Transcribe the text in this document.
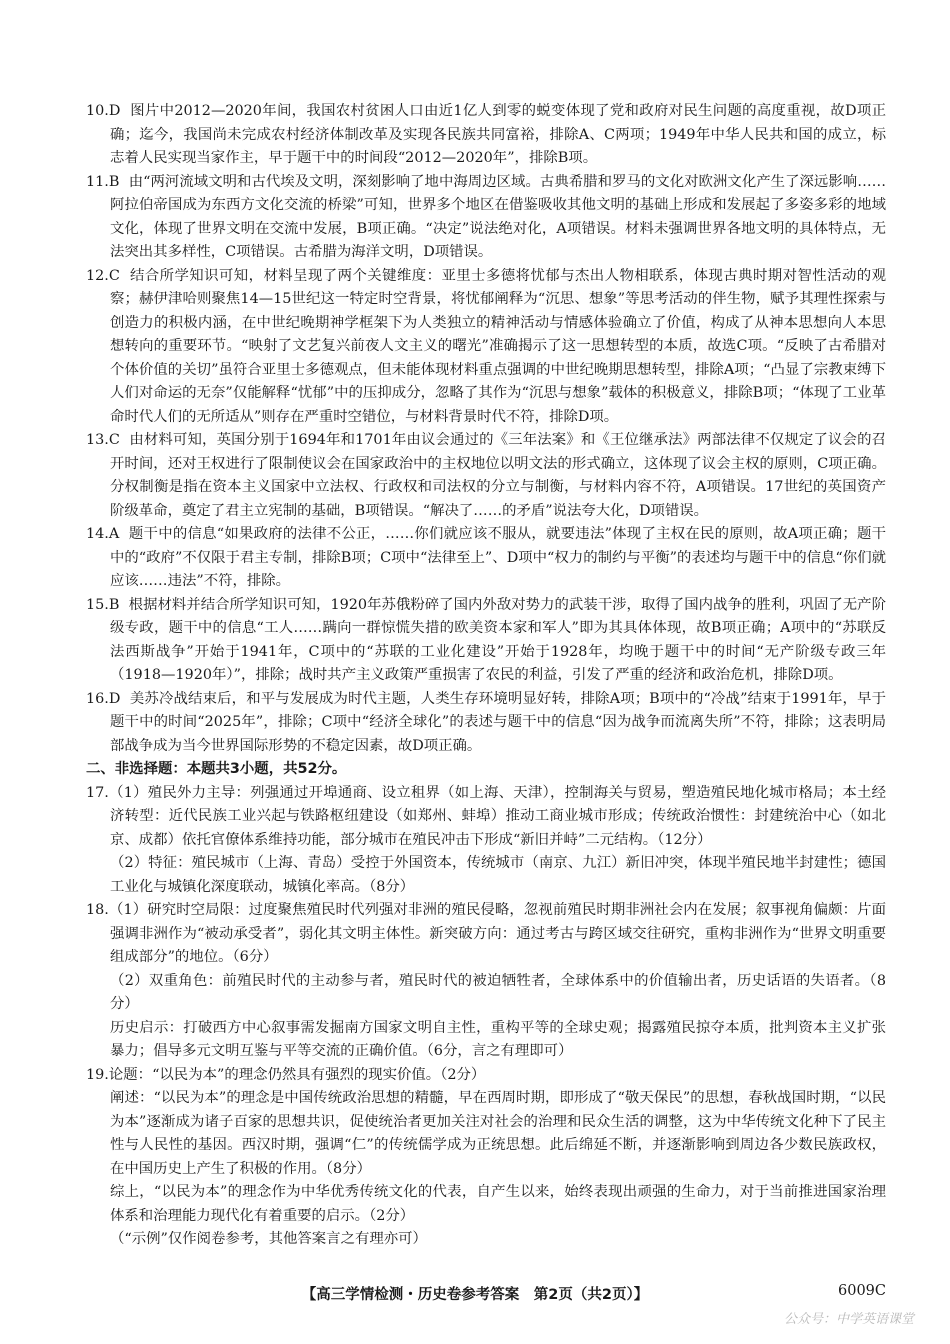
10.D 图片中2012—2020年间，我国农村贫困人口由近1亿人到零的蜕变体现了党和政府对民生问题的高度重视，故D项正确；迄今，我国尚未完成农村经济体制改革及实现各民族共同富裕，排除A、C两项；1949年中华人民共和国的成立，标志着人民实现当家作主，早于题干中的时间段“2012—2020年”，排除B项。

11.B 由“两河流域文明和古代埃及文明，深刻影响了地中海周边区域。古典希腊和罗马的文化对欧洲文化产生了深远影响……阿拉伯帝国成为东西方文化交流的桥梁”可知，世界多个地区在借鉴吸收其他文明的基础上形成和发展起了多姿多彩的地域文化，体现了世界文明在交流中发展，B项正确。“决定”说法绝对化，A项错误。材料未强调世界各地文明的具体特点，无法突出其多样性，C项错误。古希腊为海洋文明，D项错误。

12.C 结合所学知识可知，材料呈现了两个关键维度：亚里士多德将忧郁与杰出人物相联系，体现古典时期对智性活动的观察；赫伊津哈则聚焦14—15世纪这一特定时空背景，将忧郁阐释为“沉思、想象”等思考活动的伴生物，赋予其理性探索与创造力的积极内涵，在中世纪晚期神学框架下为人类独立的精神活动与情感体验确立了价值，构成了从神本思想向人本思想转向的重要环节。“映射了文艺复兴前夜人文主义的曙光”准确揭示了这一思想转型的本质，故选C项。“反映了古希腊对个体价值的关切”虽符合亚里士多德观点，但未能体现材料重点强调的中世纪晚期思想转型，排除A项；“凸显了宗教束缚下人们对命运的无奈”仅能解释“忧郁”中的压抑成分，忽略了其作为“沉思与想象”载体的积极意义，排除B项；“体现了工业革命时代人们的无所适从”则存在严重时空错位，与材料背景时代不符，排除D项。

13.C 由材料可知，英国分别于1694年和1701年由议会通过的《三年法案》和《王位继承法》两部法律不仅规定了议会的召开时间，还对王权进行了限制使议会在国家政治中的主权地位以明文法的形式确立，这体现了议会主权的原则，C项正确。分权制衡是指在资本主义国家中立法权、行政权和司法权的分立与制衡，与材料内容不符，A项错误。17世纪的英国资产阶级革命，奠定了君主立宪制的基础，B项错误。“解决了……的矛盾”说法夸大化，D项错误。

14.A 题干中的信息“如果政府的法律不公正，……你们就应该不服从，就要违法”体现了主权在民的原则，故A项正确；题干中的“政府”不仅限于君主专制，排除B项；C项中“法律至上”、D项中“权力的制约与平衡”的表述均与题干中的信息“你们就应该……违法”不符，排除。

15.B 根据材料并结合所学知识可知，1920年苏俄粉碎了国内外敌对势力的武装干涉，取得了国内战争的胜利，巩固了无产阶级专政，题干中的信息“工人……蹒向一群惊慌失措的欧美资本家和军人”即为其具体体现，故B项正确；A项中的“苏联反法西斯战争”开始于1941年，C项中的“苏联的工业化建设”开始于1928年，均晚于题干中的时间“无产阶级专政三年（1918—1920年）”，排除；战时共产主义政策严重损害了农民的利益，引发了严重的经济和政治危机，排除D项。

16.D 美苏冷战结束后，和平与发展成为时代主题，人类生存环境明显好转，排除A项；B项中的“冷战”结束于1991年，早于题干中的时间“2025年”，排除；C项中“经济全球化”的表述与题干中的信息“因为战争而流离失所”不符，排除；这表明局部战争成为当今世界国际形势的不稳定因素，故D项正确。

二、非选择题：本题共3小题，共52分。

17.（1）殖民外力主导：列强通过开埠通商、设立租界（如上海、天津），控制海关与贸易，塑造殖民地化城市格局；本土经济转型：近代民族工业兴起与铁路枢纽建设（如郑州、蚌埠）推动工商业城市形成；传统政治惯性：封建统治中心（如北京、成都）依托官僚体系维持功能，部分城市在殖民冲击下形成“新旧并峙”二元结构。（12分）

（2）特征：殖民城市（上海、青岛）受控于外国资本，传统城市（南京、九江）新旧冲突，体现半殖民地半封建性；德国工业化与城镇化深度联动，城镇化率高。（8分）

18.（1）研究时空局限：过度聚焦殖民时代列强对非洲的殖民侵略，忽视前殖民时期非洲社会内在发展；叙事视角偏颇：片面强调非洲作为“被动承受者”，弱化其文明主体性。新突破方向：通过考古与跨区域交往研究，重构非洲作为“世界文明重要组成部分”的地位。（6分）

（2）双重角色：前殖民时代的主动参与者，殖民时代的被迫牺牲者，全球体系中的价值输出者，历史话语的失语者。（8分）

历史启示：打破西方中心叙事需发掘南方国家文明自主性，重构平等的全球史观；揭露殖民掠夺本质，批判资本主义扩张暴力；倡导多元文明互鉴与平等交流的正确价值。（6分，言之有理即可）

19.论题：“以民为本”的理念仍然具有强烈的现实价值。（2分）

阐述：“以民为本”的理念是中国传统政治思想的精髓，早在西周时期，即形成了“敬天保民”的思想，春秋战国时期，“以民为本”逐渐成为诸子百家的思想共识，促使统治者更加关注对社会的治理和民众生活的调整，这为中华传统文化种下了民主性与人民性的基因。西汉时期，强调“仁”的传统儒学成为正统思想。此后绵延不断，并逐渐影响到周边各少数民族政权，在中国历史上产生了积极的作用。（8分）

综上，“以民为本”的理念作为中华优秀传统文化的代表，自产生以来，始终表现出顽强的生命力，对于当前推进国家治理体系和治理能力现代化有着重要的启示。（2分）

（“示例”仅作阅卷参考，其他答案言之有理亦可）

【高三学情检测・历史卷参考答案　第2页（共2页）】	6009C
公众号：中学英语课堂
